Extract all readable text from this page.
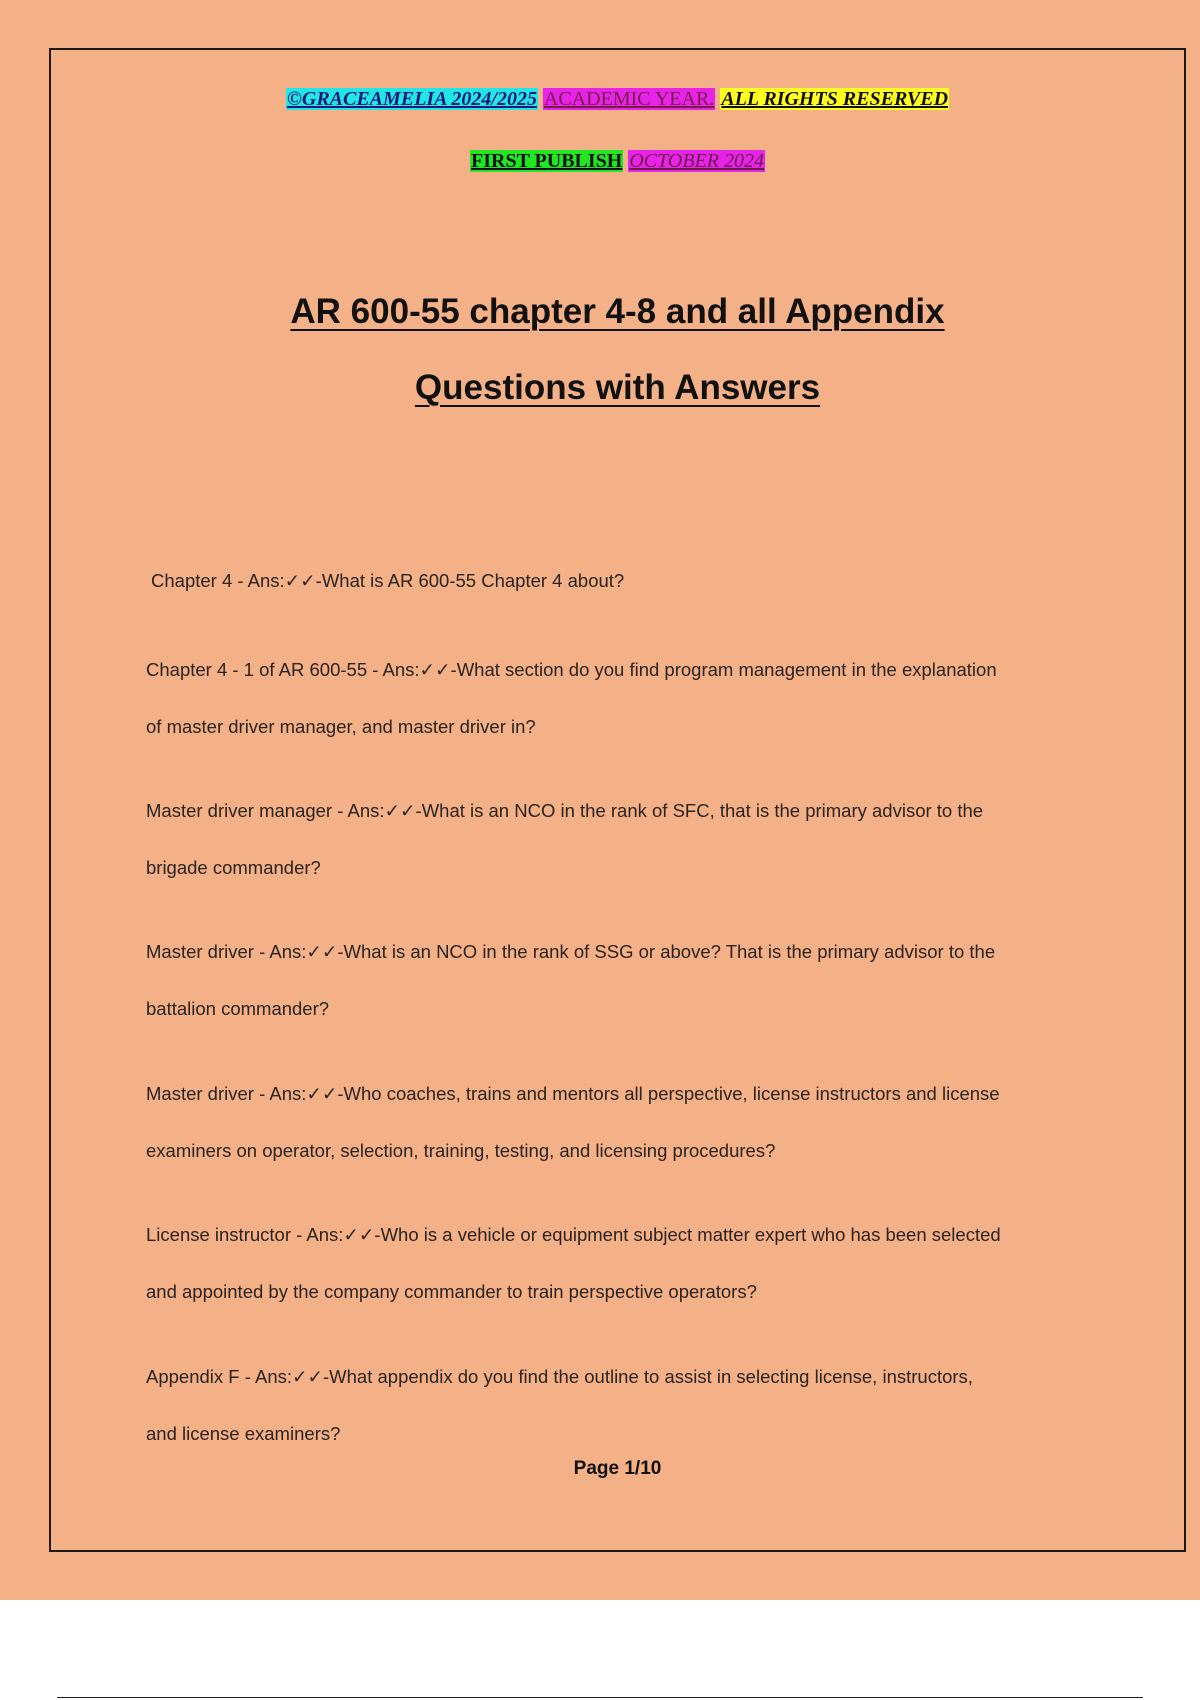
©GRACEAMELIA 2024/2025 ACADEMIC YEAR. ALL RIGHTS RESERVED
FIRST PUBLISH OCTOBER 2024
AR 600-55 chapter 4-8 and all Appendix
Questions with Answers
Chapter 4 - Ans:✓✓-What is AR 600-55 Chapter 4 about?
Chapter 4 - 1 of AR 600-55 - Ans:✓✓-What section do you find program management in the explanation
of master driver manager, and master driver in?
Master driver manager - Ans:✓✓-What is an NCO in the rank of SFC, that is the primary advisor to the
brigade commander?
Master driver - Ans:✓✓-What is an NCO in the rank of SSG or above? That is the primary advisor to the
battalion commander?
Master driver - Ans:✓✓-Who coaches, trains and mentors all perspective, license instructors and license
examiners on operator, selection, training, testing, and licensing procedures?
License instructor - Ans:✓✓-Who is a vehicle or equipment subject matter expert who has been selected
and appointed by the company commander to train perspective operators?
Appendix F - Ans:✓✓-What appendix do you find the outline to assist in selecting license, instructors,
and license examiners?
Page 1/10
